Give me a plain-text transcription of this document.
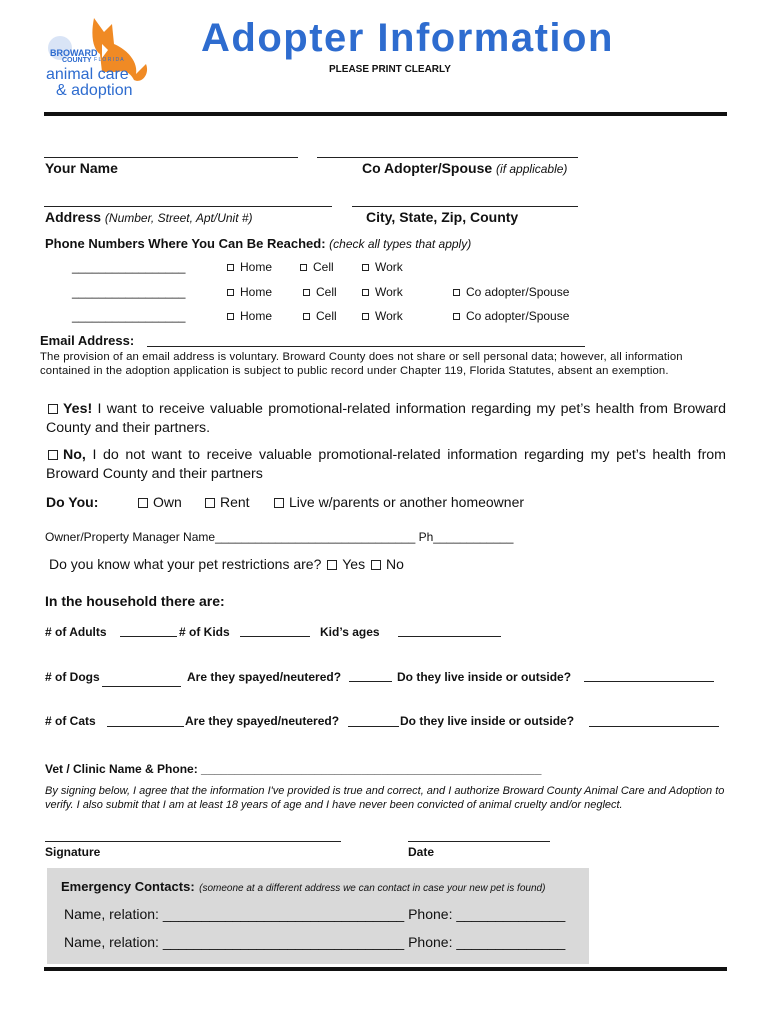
BROWARD
COUNTY F L O R I D A
animal care
& adoption
Adopter Information
PLEASE PRINT CLEARLY
Your Name	Co Adopter/Spouse (if applicable)
Address (Number, Street, Apt/Unit #)	City, State, Zip, County
Phone Numbers Where You Can Be Reached: (check all types that apply)
_________________	Home	Cell	Work
_________________	Home	Cell	Work	Co adopter/Spouse
_________________	Home	Cell	Work	Co adopter/Spouse
Email Address:
The provision of an email address is voluntary. Broward County does not share or sell personal data; however, all information contained in the adoption application is subject to public record under Chapter 119, Florida Statutes, absent an exemption.
Yes! I want to receive valuable promotional-related information regarding my pet’s health from Broward County and their partners.
No, I do not want to receive valuable promotional-related information regarding my pet’s health from Broward County and their partners
Do You:	Own	Rent	Live w/parents or another homeowner
Owner/Property Manager Name______________________________ Ph____________
Do you know what your pet restrictions are? Yes No
In the household there are:
# of Adults	# of Kids	Kid’s ages
# of Dogs	Are they spayed/neutered?	Do they live inside or outside?
# of Cats	Are they spayed/neutered?	Do they live inside or outside?
Vet / Clinic Name & Phone: ___________________________________________________
By signing below, I agree that the information I've provided is true and correct, and I authorize Broward County Animal Care and Adoption to verify. I also submit that I am at least 18 years of age and I have never been convicted of animal cruelty and/or neglect.
Signature	Date
Emergency Contacts: (someone at a different address we can contact in case your new pet is found)
Name, relation: _______________________________ Phone: ______________
Name, relation: _______________________________ Phone: ______________
